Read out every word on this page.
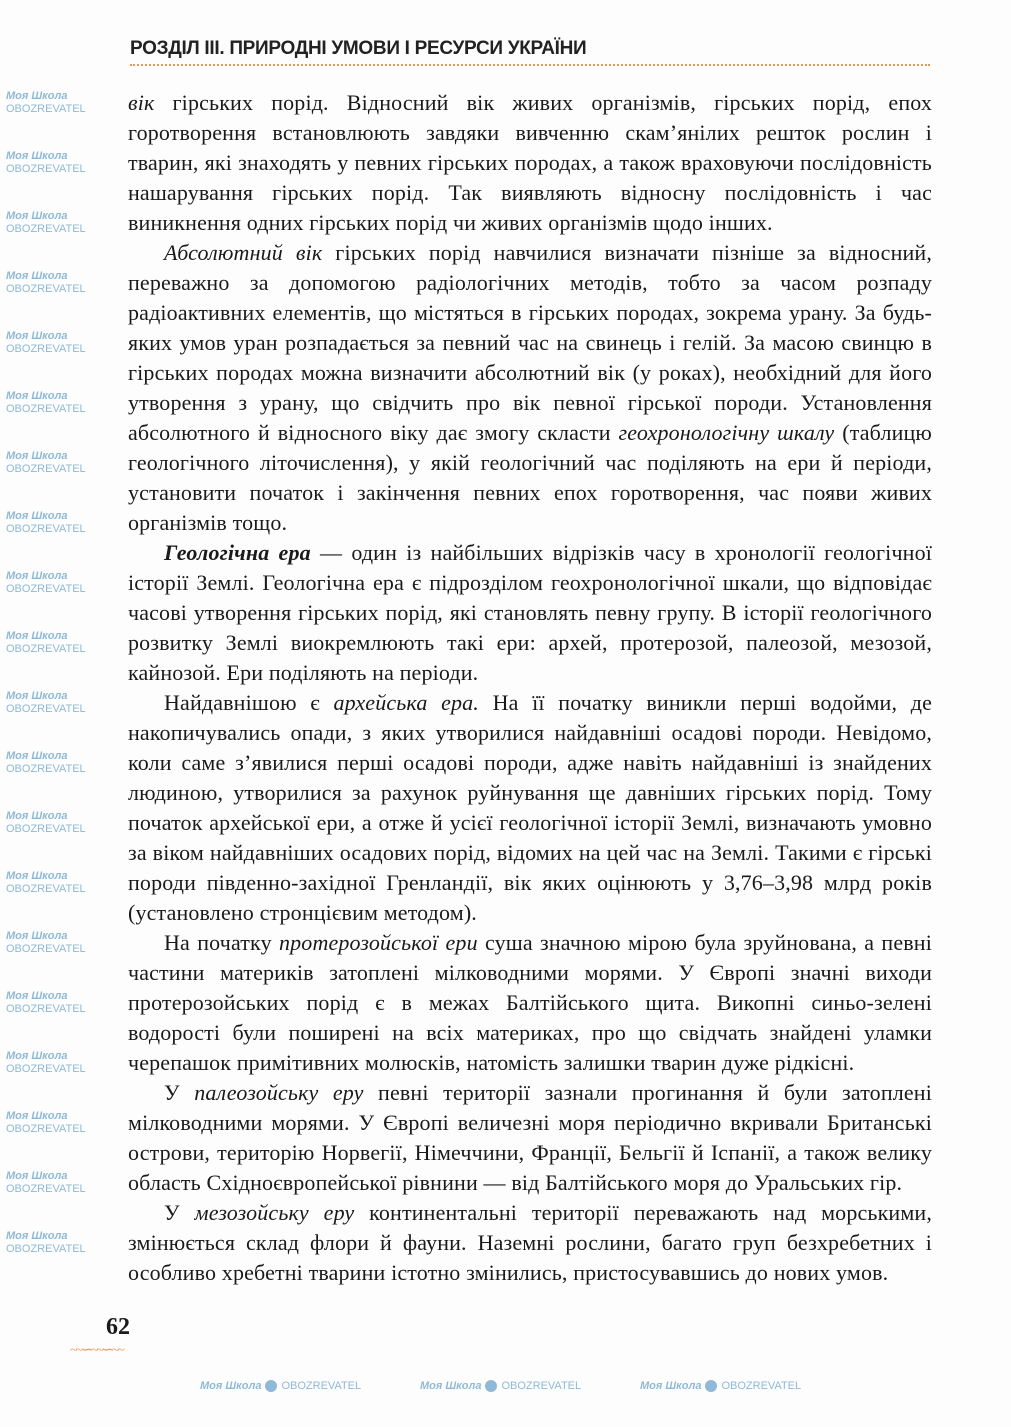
Моя Школа
OBOZREVATEL
Моя Школа
OBOZREVATEL
Моя Школа
OBOZREVATEL
Моя Школа
OBOZREVATEL
Моя Школа
OBOZREVATEL
Моя Школа
OBOZREVATEL
Моя Школа
OBOZREVATEL
Моя Школа
OBOZREVATEL
Моя Школа
OBOZREVATEL
Моя Школа
OBOZREVATEL
Моя Школа
OBOZREVATEL
Моя Школа
OBOZREVATEL
Моя Школа
OBOZREVATEL
Моя Школа
OBOZREVATEL
Моя Школа
OBOZREVATEL
Моя Школа
OBOZREVATEL
Моя Школа
OBOZREVATEL
Моя Школа
OBOZREVATEL
Моя Школа
OBOZREVATEL
Моя Школа
OBOZREVATEL
Моя Школа OBOZREVATEL	Моя Школа OBOZREVATEL	Моя Школа OBOZREVATEL
РОЗДІЛ ІІІ. ПРИРОДНІ УМОВИ І РЕСУРСИ УКРАЇНИ

вік гірських порід. Відносний вік живих організмів, гірських порід, епох горотворення встановлюють завдяки вивченню скам’янілих решток рослин і тварин, які знаходять у певних гірських породах, а також враховуючи послідовність нашарування гірських порід. Так виявляють відносну послідовність і час виникнення одних гірських порід чи живих організмів щодо інших.

Абсолютний вік гірських порід навчилися визначати пізніше за відносний, переважно за допомогою радіологічних методів, тобто за часом розпаду радіоактивних елементів, що містяться в гірських породах, зокрема урану. За будь-яких умов уран розпадається за певний час на свинець і гелій. За масою свинцю в гірських породах можна визначити абсолютний вік (у роках), необхідний для його утворення з урану, що свідчить про вік певної гірської породи. Установлення абсолютного й відносного віку дає змогу скласти геохронологічну шкалу (таблицю геологічного літочислення), у якій геологічний час поділяють на ери й періоди, установити початок і закінчення певних епох горотворення, час появи живих організмів тощо.

Геологічна ера — один із найбільших відрізків часу в хронології геологічної історії Землі. Геологічна ера є підрозділом геохронологічної шкали, що відповідає часові утворення гірських порід, які становлять певну групу. В історії геологічного розвитку Землі виокремлюють такі ери: архей, протерозой, палеозой, мезозой, кайнозой. Ери поділяють на періоди.

Найдавнішою є архейська ера. На її початку виникли перші водойми, де накопичувались опади, з яких утворилися найдавніші осадові породи. Невідомо, коли саме з’явилися перші осадові породи, адже навіть найдавніші із знайдених людиною, утворилися за рахунок руйнування ще давніших гірських порід. Тому початок архейської ери, а отже й усієї геологічної історії Землі, визначають умовно за віком найдавніших осадових порід, відомих на цей час на Землі. Такими є гірські породи південно-західної Гренландії, вік яких оцінюють у 3,76–3,98 млрд років (установлено стронцієвим методом).

На початку протерозойської ери суша значною мірою була зруйнована, а певні частини материків затоплені мілководними морями. У Європі значні виходи протерозойських порід є в межах Балтійського щита. Викопні синьо-зелені водорості були поширені на всіх материках, про що свідчать знайдені уламки черепашок примітивних молюсків, натомість залишки тварин дуже рідкісні.

У палеозойську еру певні території зазнали прогинання й були затоплені мілководними морями. У Європі величезні моря періодично вкривали Британські острови, територію Норвегії, Німеччини, Франції, Бельгії й Іспанії, а також велику область Східноєвропейської рівнини — від Балтійського моря до Уральських гір.

У мезозойську еру континентальні території переважають над морськими, змінюється склад флори й фауни. Наземні рослини, багато груп безхребетних і особливо хребетні тварини істотно змінились, пристосувавшись до нових умов.

62
~~∽~~∽~~
